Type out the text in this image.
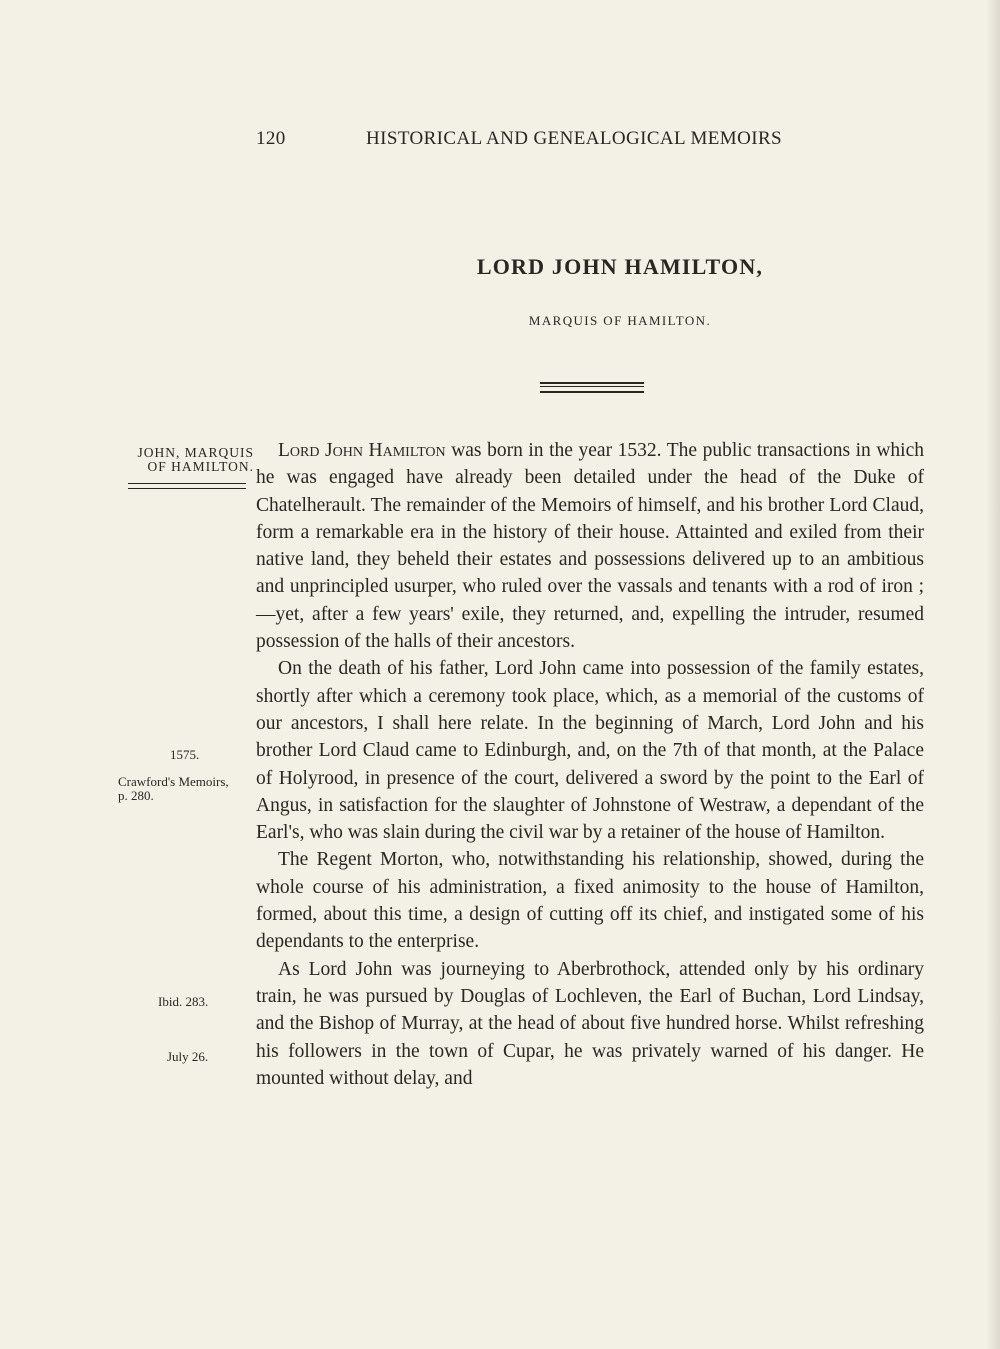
120	HISTORICAL AND GENEALOGICAL MEMOIRS
LORD JOHN HAMILTON,
MARQUIS OF HAMILTON.
JOHN, MARQUIS
OF HAMILTON.
1575.
Crawford's Memoirs,
p. 280.
Ibid. 283.
July 26.

Lord John Hamilton was born in the year 1532. The public transactions in which he was engaged have already been detailed under the head of the Duke of Chatelherault. The remainder of the Memoirs of himself, and his brother Lord Claud, form a remarkable era in the history of their house. Attainted and exiled from their native land, they beheld their estates and possessions delivered up to an ambitious and unprincipled usurper, who ruled over the vassals and tenants with a rod of iron ;—yet, after a few years' exile, they returned, and, expelling the intruder, resumed possession of the halls of their ancestors.

On the death of his father, Lord John came into possession of the family estates, shortly after which a ceremony took place, which, as a memorial of the customs of our ancestors, I shall here relate. In the beginning of March, Lord John and his brother Lord Claud came to Edinburgh, and, on the 7th of that month, at the Palace of Holyrood, in presence of the court, delivered a sword by the point to the Earl of Angus, in satisfaction for the slaughter of Johnstone of Westraw, a dependant of the Earl's, who was slain during the civil war by a retainer of the house of Hamilton.

The Regent Morton, who, notwithstanding his relationship, showed, during the whole course of his administration, a fixed animosity to the house of Hamilton, formed, about this time, a design of cutting off its chief, and instigated some of his dependants to the enterprise.

As Lord John was journeying to Aberbrothock, attended only by his ordinary train, he was pursued by Douglas of Lochleven, the Earl of Buchan, Lord Lindsay, and the Bishop of Murray, at the head of about five hundred horse. Whilst refreshing his followers in the town of Cupar, he was privately warned of his danger. He mounted without delay, and
